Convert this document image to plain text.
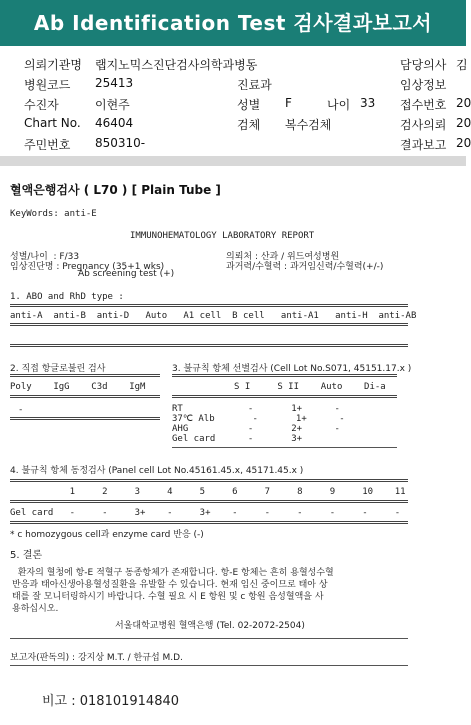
Ab Identification Test 검사결과보고서
의뢰기관명 랩지노믹스진단검사의학과병동	담당의사 김
병원코드 25413	진료과	임상정보
수진자	이현주	성별 F	나이 33 접수번호 20
Chart No. 46404	검체 복수검체	검사의뢰 20
주민번호 850310-	결과보고 20
혈액은행검사 ( L70 ) [ Plain Tube ]
KeyWords: anti-E
IMMUNOHEMATOLOGY LABORATORY REPORT
성별/나이  : F/33
임상진단명 : Pregnancy (35+1 wks)
Ab screening test (+)
의뢰처 : 산과 / 위드여성병원
과거력/수혈력 : 과거임신력/수혈력(+/-)
1. ABO and RhD type :
anti-A  anti-B  anti-D   Auto   A1 cell  B cell   anti-A1   anti-H  anti-AB
2. 직접 항글로불린 검사
Poly    IgG    C3d    IgM
-
3. 불규칙 항체 선별검사 (Cell Lot No.S071, 45151.17.x )
S I     S II    Auto    Di-a
RT            -       1+      -
37℃ Alb       -       1+      -
AHG           -       2+      -
Gel card      -       3+
4. 불규칙 항체 동정검사 (Panel cell Lot No.45161.45.x, 45171.45.x )
1     2     3     4     5     6     7     8     9     10    11
Gel card   -     -     3+    -     3+    -     -     -     -     -     -
* c homozygous cell과 enzyme card 반응 (-)
5. 결론
환자의 혈청에 항-E 적혈구 동종항체가 존재합니다. 항-E 항체는 흔히 용혈성수혈
반응과 태아신생아용혈성질환을 유발할 수 있습니다. 현재 임신 중이므로 태아 상
태를 잘 모니터링하시기 바랍니다. 수혈 필요 시 E 항원 및 c 항원 음성혈액을 사
용하십시오.
서울대학교병원 혈액은행 (Tel. 02-2072-2504)
보고자(판독의) : 강지상 M.T. / 한규섭 M.D.
비고 : 018101914840
